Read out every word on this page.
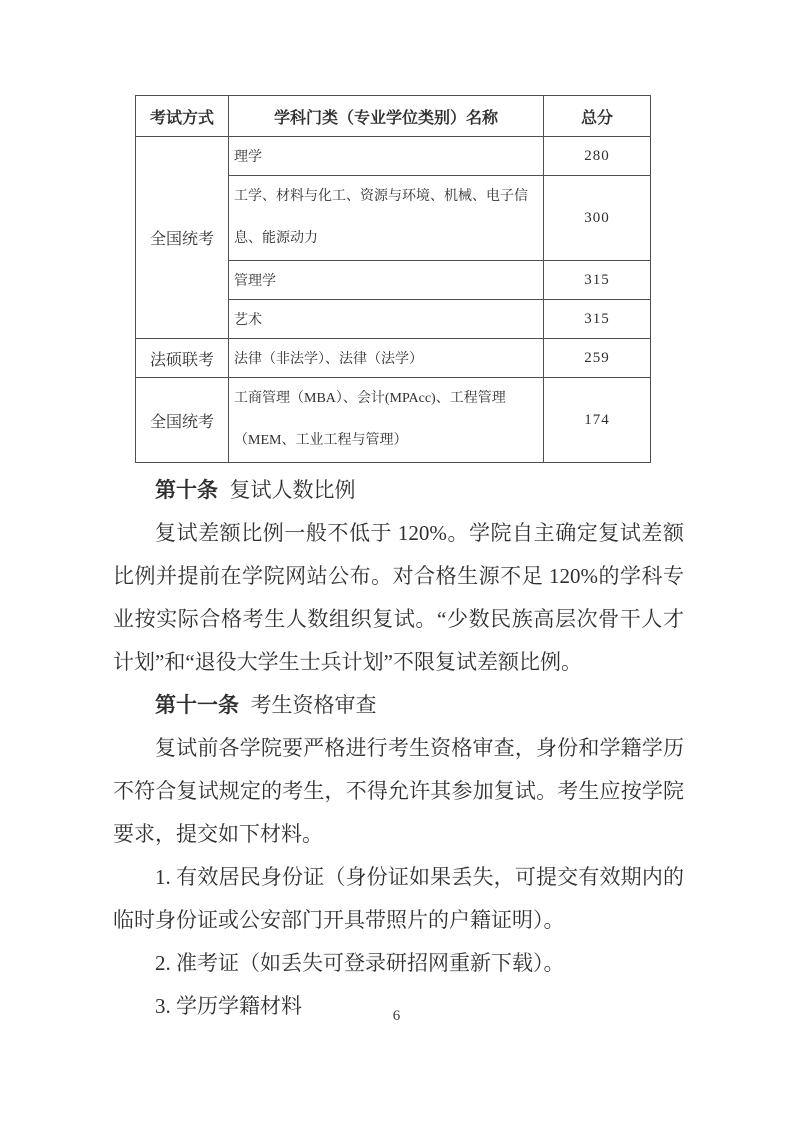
考试方式	学科门类（专业学位类别）名称	总分
全国统考	理学	280
	工学、材料与化工、资源与环境、机械、电子信息、能源动力	300
	管理学	315
	艺术	315
法硕联考	法律（非法学）、法律（法学）	259
全国统考	工商管理（MBA）、会计(MPAcc)、工程管理（MEM、工业工程与管理）	174

第十条 复试人数比例

复试差额比例一般不低于 120%。学院自主确定复试差额比例并提前在学院网站公布。对合格生源不足 120%的学科专业按实际合格考生人数组织复试。“少数民族高层次骨干人才计划”和“退役大学生士兵计划”不限复试差额比例。

第十一条 考生资格审查

复试前各学院要严格进行考生资格审查，身份和学籍学历不符合复试规定的考生，不得允许其参加复试。考生应按学院要求，提交如下材料。

1. 有效居民身份证（身份证如果丢失，可提交有效期内的临时身份证或公安部门开具带照片的户籍证明）。

2. 准考证（如丢失可登录研招网重新下载）。

3. 学历学籍材料	6
